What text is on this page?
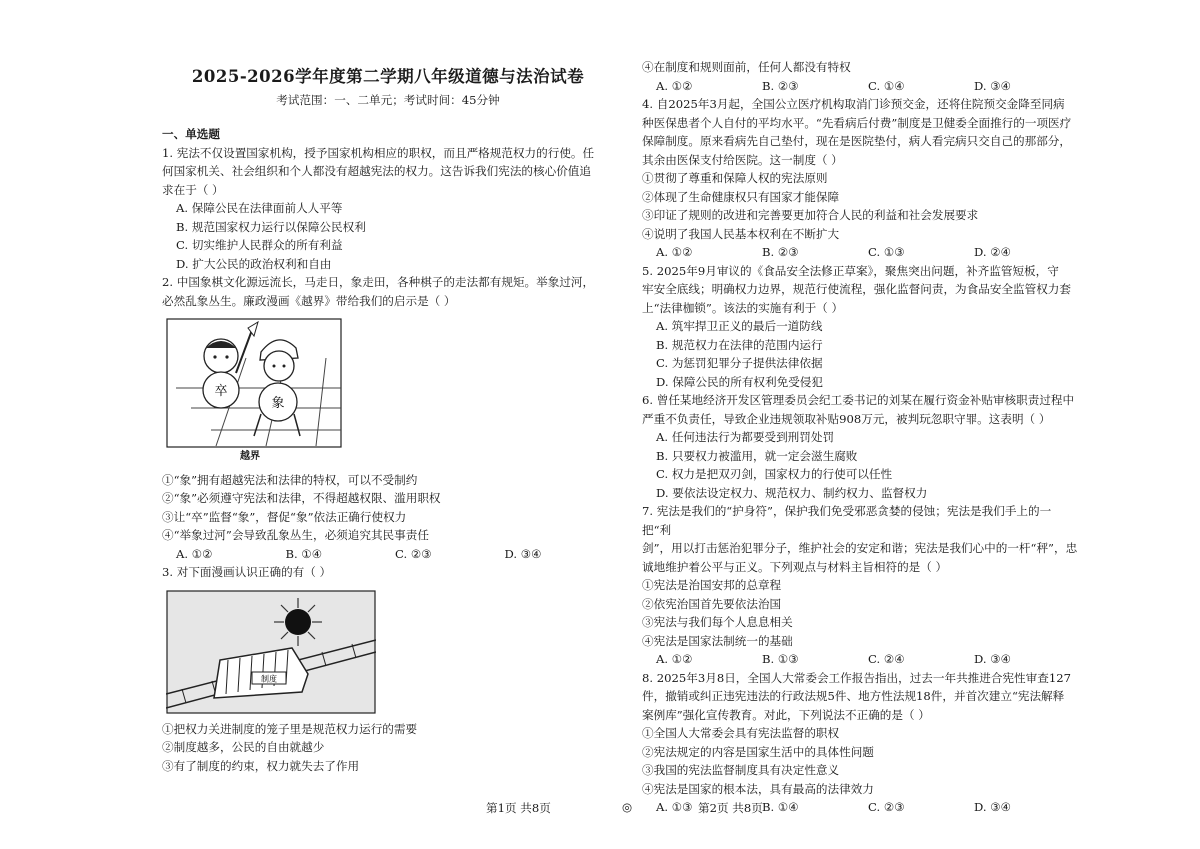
2025-2026学年度第二学期八年级道德与法治试卷
考试范围：一、二单元；考试时间：45分钟
一、单选题
1. 宪法不仅设置国家机构，授予国家机构相应的职权，而且严格规范权力的行使。任
何国家机关、社会组织和个人都没有超越宪法的权力。这告诉我们宪法的核心价值追
求在于（ ）
A. 保障公民在法律面前人人平等
B. 规范国家权力运行以保障公民权利
C. 切实维护人民群众的所有利益
D. 扩大公民的政治权利和自由
2. 中国象棋文化源远流长，马走日，象走田，各种棋子的走法都有规矩。举象过河，
必然乱象丛生。廉政漫画《越界》带给我们的启示是（ ）
卒
象
越界
①“象”拥有超越宪法和法律的特权，可以不受制约
②“象”必须遵守宪法和法律，不得超越权限、滥用职权
③让“卒”监督“象”，督促“象”依法正确行使权力
④“举象过河”会导致乱象丛生，必须追究其民事责任
A. ①②	B. ①④	C. ②③	D. ③④
3. 对下面漫画认识正确的有（ ）
制度
①把权力关进制度的笼子里是规范权力运行的需要
②制度越多，公民的自由就越少
③有了制度的约束，权力就失去了作用
④在制度和规则面前，任何人都没有特权
A. ①②	B. ②③	C. ①④	D. ③④
4. 自2025年3月起，全国公立医疗机构取消门诊预交金，还将住院预交金降至同病
种医保患者个人自付的平均水平。“先看病后付费”制度是卫健委全面推行的一项医疗
保障制度。原来看病先自己垫付，现在是医院垫付，病人看完病只交自己的那部分，
其余由医保支付给医院。这一制度（ ）
①贯彻了尊重和保障人权的宪法原则
②体现了生命健康权只有国家才能保障
③印证了规则的改进和完善要更加符合人民的利益和社会发展要求
④说明了我国人民基本权利在不断扩大
A. ①②	B. ②③	C. ①③	D. ②④
5. 2025年9月审议的《食品安全法修正草案》，聚焦突出问题，补齐监管短板，守
牢安全底线；明确权力边界，规范行使流程，强化监督问责，为食品安全监管权力套
上“法律枷锁”。该法的实施有利于（ ）
A. 筑牢捍卫正义的最后一道防线
B. 规范权力在法律的范围内运行
C. 为惩罚犯罪分子提供法律依据
D. 保障公民的所有权利免受侵犯
6. 曾任某地经济开发区管理委员会纪工委书记的刘某在履行资金补贴审核职责过程中
严重不负责任，导致企业违规领取补贴908万元，被判玩忽职守罪。这表明（ ）
A. 任何违法行为都要受到刑罚处罚
B. 只要权力被滥用，就一定会滋生腐败
C. 权力是把双刃剑，国家权力的行使可以任性
D. 要依法设定权力、规范权力、制约权力、监督权力
7. 宪法是我们的“护身符”，保护我们免受邪恶贪婪的侵蚀；宪法是我们手上的一把“利
剑”，用以打击惩治犯罪分子，维护社会的安定和谐；宪法是我们心中的一杆“秤”，忠
诚地维护着公平与正义。下列观点与材料主旨相符的是（ ）
①宪法是治国安邦的总章程
②依宪治国首先要依法治国
③宪法与我们每个人息息相关
④宪法是国家法制统一的基础
A. ①②	B. ①③	C. ②④	D. ③④
8. 2025年3月8日，全国人大常委会工作报告指出，过去一年共推进合宪性审查127
件，撤销或纠正违宪违法的行政法规5件、地方性法规18件，并首次建立“宪法解释
案例库”强化宣传教育。对此，下列说法不正确的是（ ）
①全国人大常委会具有宪法监督的职权
②宪法规定的内容是国家生活中的具体性问题
③我国的宪法监督制度具有决定性意义
④宪法是国家的根本法，具有最高的法律效力
A. ①③	B. ①④	C. ②③	D. ③④
第1页 共8页	◎	第2页 共8页
